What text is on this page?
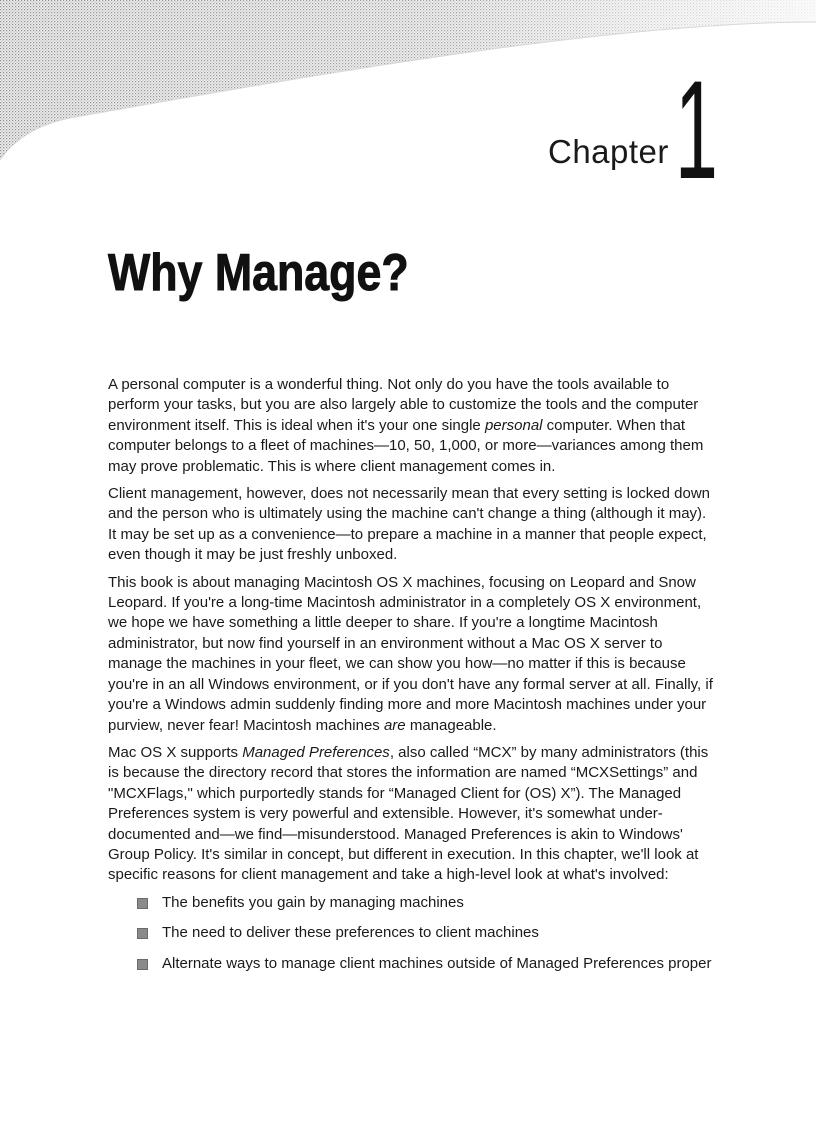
Chapter 1
Why Manage?

A personal computer is a wonderful thing. Not only do you have the tools available to perform your tasks, but you are also largely able to customize the tools and the computer environment itself. This is ideal when it's your one single personal computer. When that computer belongs to a fleet of machines—10, 50, 1,000, or more—variances among them may prove problematic. This is where client management comes in.

Client management, however, does not necessarily mean that every setting is locked down and the person who is ultimately using the machine can't change a thing (although it may). It may be set up as a convenience—to prepare a machine in a manner that people expect, even though it may be just freshly unboxed.

This book is about managing Macintosh OS X machines, focusing on Leopard and Snow Leopard. If you're a long-time Macintosh administrator in a completely OS X environment, we hope we have something a little deeper to share. If you're a longtime Macintosh administrator, but now find yourself in an environment without a Mac OS X server to manage the machines in your fleet, we can show you how—no matter if this is because you're in an all Windows environment, or if you don't have any formal server at all. Finally, if you're a Windows admin suddenly finding more and more Macintosh machines under your purview, never fear! Macintosh machines are manageable.

Mac OS X supports Managed Preferences, also called “MCX” by many administrators (this is because the directory record that stores the information are named “MCXSettings” and "MCXFlags," which purportedly stands for “Managed Client for (OS) X”). The Managed Preferences system is very powerful and extensible. However, it's somewhat under-documented and—we find—misunderstood. Managed Preferences is akin to Windows' Group Policy. It's similar in concept, but different in execution. In this chapter, we'll look at specific reasons for client management and take a high-level look at what's involved:

The benefits you gain by managing machines
The need to deliver these preferences to client machines
Alternate ways to manage client machines outside of Managed Preferences proper
